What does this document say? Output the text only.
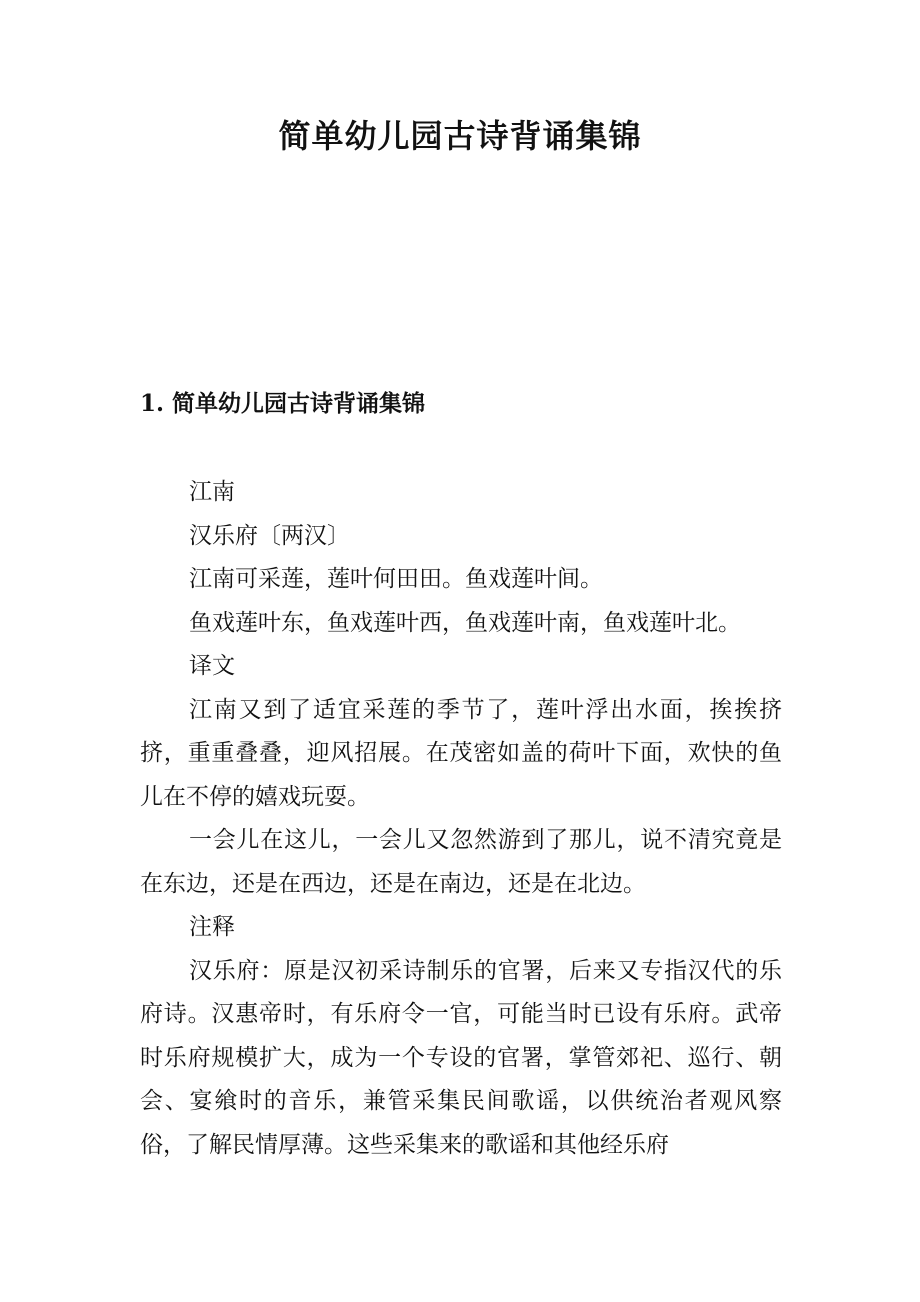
简单幼儿园古诗背诵集锦
1. 简单幼儿园古诗背诵集锦

江南

汉乐府〔两汉〕

江南可采莲，莲叶何田田。鱼戏莲叶间。

鱼戏莲叶东，鱼戏莲叶西，鱼戏莲叶南，鱼戏莲叶北。

译文

江南又到了适宜采莲的季节了，莲叶浮出水面，挨挨挤挤，重重叠叠，迎风招展。在茂密如盖的荷叶下面，欢快的鱼儿在不停的嬉戏玩耍。

一会儿在这儿，一会儿又忽然游到了那儿，说不清究竟是在东边，还是在西边，还是在南边，还是在北边。

注释

汉乐府：原是汉初采诗制乐的官署，后来又专指汉代的乐府诗。汉惠帝时，有乐府令一官，可能当时已设有乐府。武帝时乐府规模扩大，成为一个专设的官署，掌管郊祀、巡行、朝会、宴飨时的音乐，兼管采集民间歌谣，以供统治者观风察俗，了解民情厚薄。这些采集来的歌谣和其他经乐府
